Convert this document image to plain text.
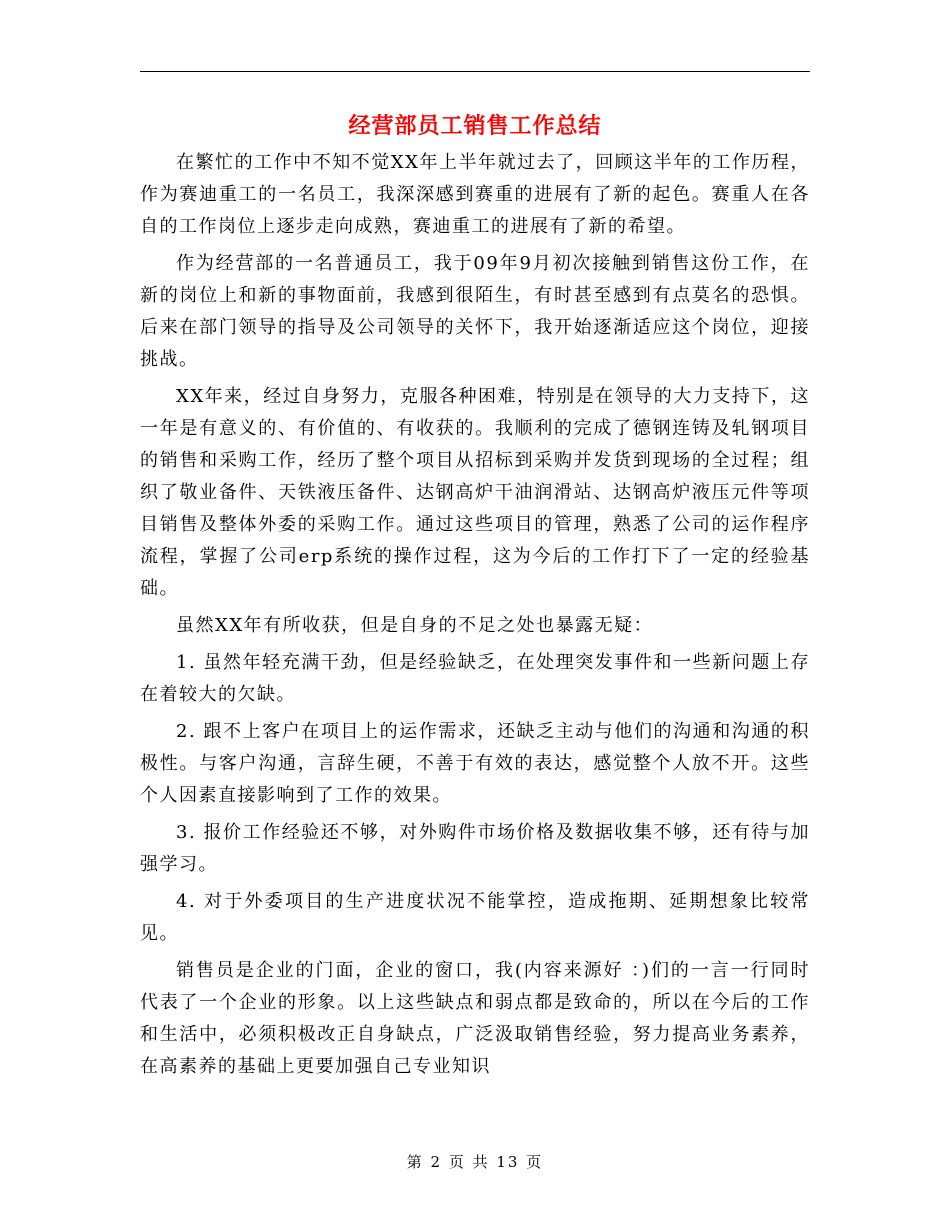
经营部员工销售工作总结

在繁忙的工作中不知不觉XX年上半年就过去了，回顾这半年的工作历程，作为赛迪重工的一名员工，我深深感到赛重的进展有了新的起色。赛重人在各自的工作岗位上逐步走向成熟，赛迪重工的进展有了新的希望。

作为经营部的一名普通员工，我于09年9月初次接触到销售这份工作，在新的岗位上和新的事物面前，我感到很陌生，有时甚至感到有点莫名的恐惧。后来在部门领导的指导及公司领导的关怀下，我开始逐渐适应这个岗位，迎接挑战。

XX年来，经过自身努力，克服各种困难，特别是在领导的大力支持下，这一年是有意义的、有价值的、有收获的。我顺利的完成了德钢连铸及轧钢项目的销售和采购工作，经历了整个项目从招标到采购并发货到现场的全过程；组织了敬业备件、天铁液压备件、达钢高炉干油润滑站、达钢高炉液压元件等项目销售及整体外委的采购工作。通过这些项目的管理，熟悉了公司的运作程序流程，掌握了公司erp系统的操作过程，这为今后的工作打下了一定的经验基础。

虽然XX年有所收获，但是自身的不足之处也暴露无疑：

1. 虽然年轻充满干劲，但是经验缺乏，在处理突发事件和一些新问题上存在着较大的欠缺。

2. 跟不上客户在项目上的运作需求，还缺乏主动与他们的沟通和沟通的积极性。与客户沟通，言辞生硬，不善于有效的表达，感觉整个人放不开。这些个人因素直接影响到了工作的效果。

3. 报价工作经验还不够，对外购件市场价格及数据收集不够，还有待与加强学习。

4. 对于外委项目的生产进度状况不能掌控，造成拖期、延期想象比较常见。

销售员是企业的门面，企业的窗口，我(内容来源好 ：)们的一言一行同时代表了一个企业的形象。以上这些缺点和弱点都是致命的，所以在今后的工作和生活中，必须积极改正自身缺点，广泛汲取销售经验，努力提高业务素养，在高素养的基础上更要加强自己专业知识

第 2 页 共 13 页
